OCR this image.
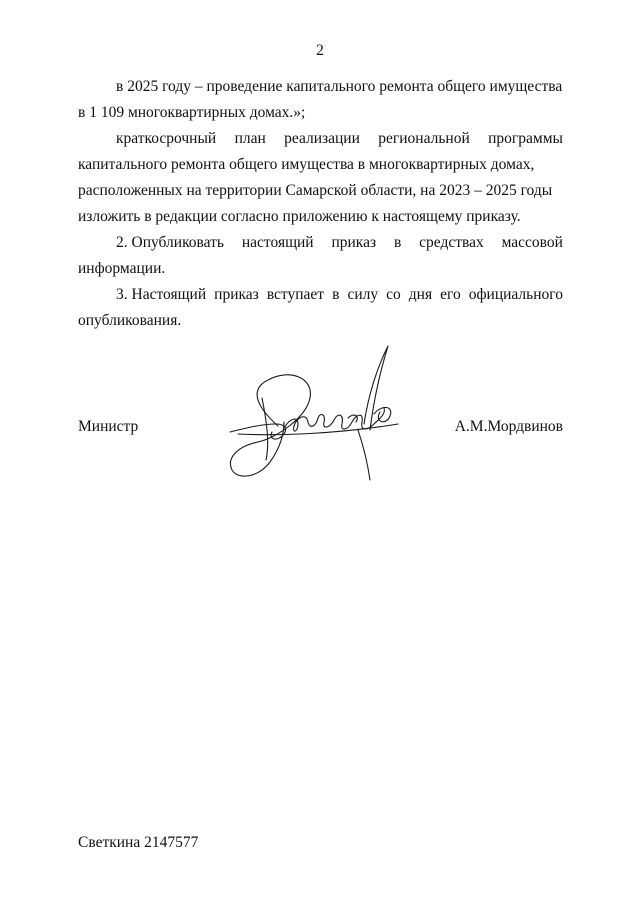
2
в 2025 году – проведение капитального ремонта общего имущества
в 1 109 многоквартирных домах.»;
краткосрочный план реализации региональной программы
капитального ремонта общего имущества в многоквартирных домах,
расположенных на территории Самарской области, на 2023 – 2025 годы
изложить в редакции согласно приложению к настоящему приказу.
2. Опубликовать настоящий приказ в средствах массовой
информации.
3. Настоящий приказ вступает в силу со дня его официального
опубликования.
Министр	А.М.Мордвинов
Светкина 2147577
